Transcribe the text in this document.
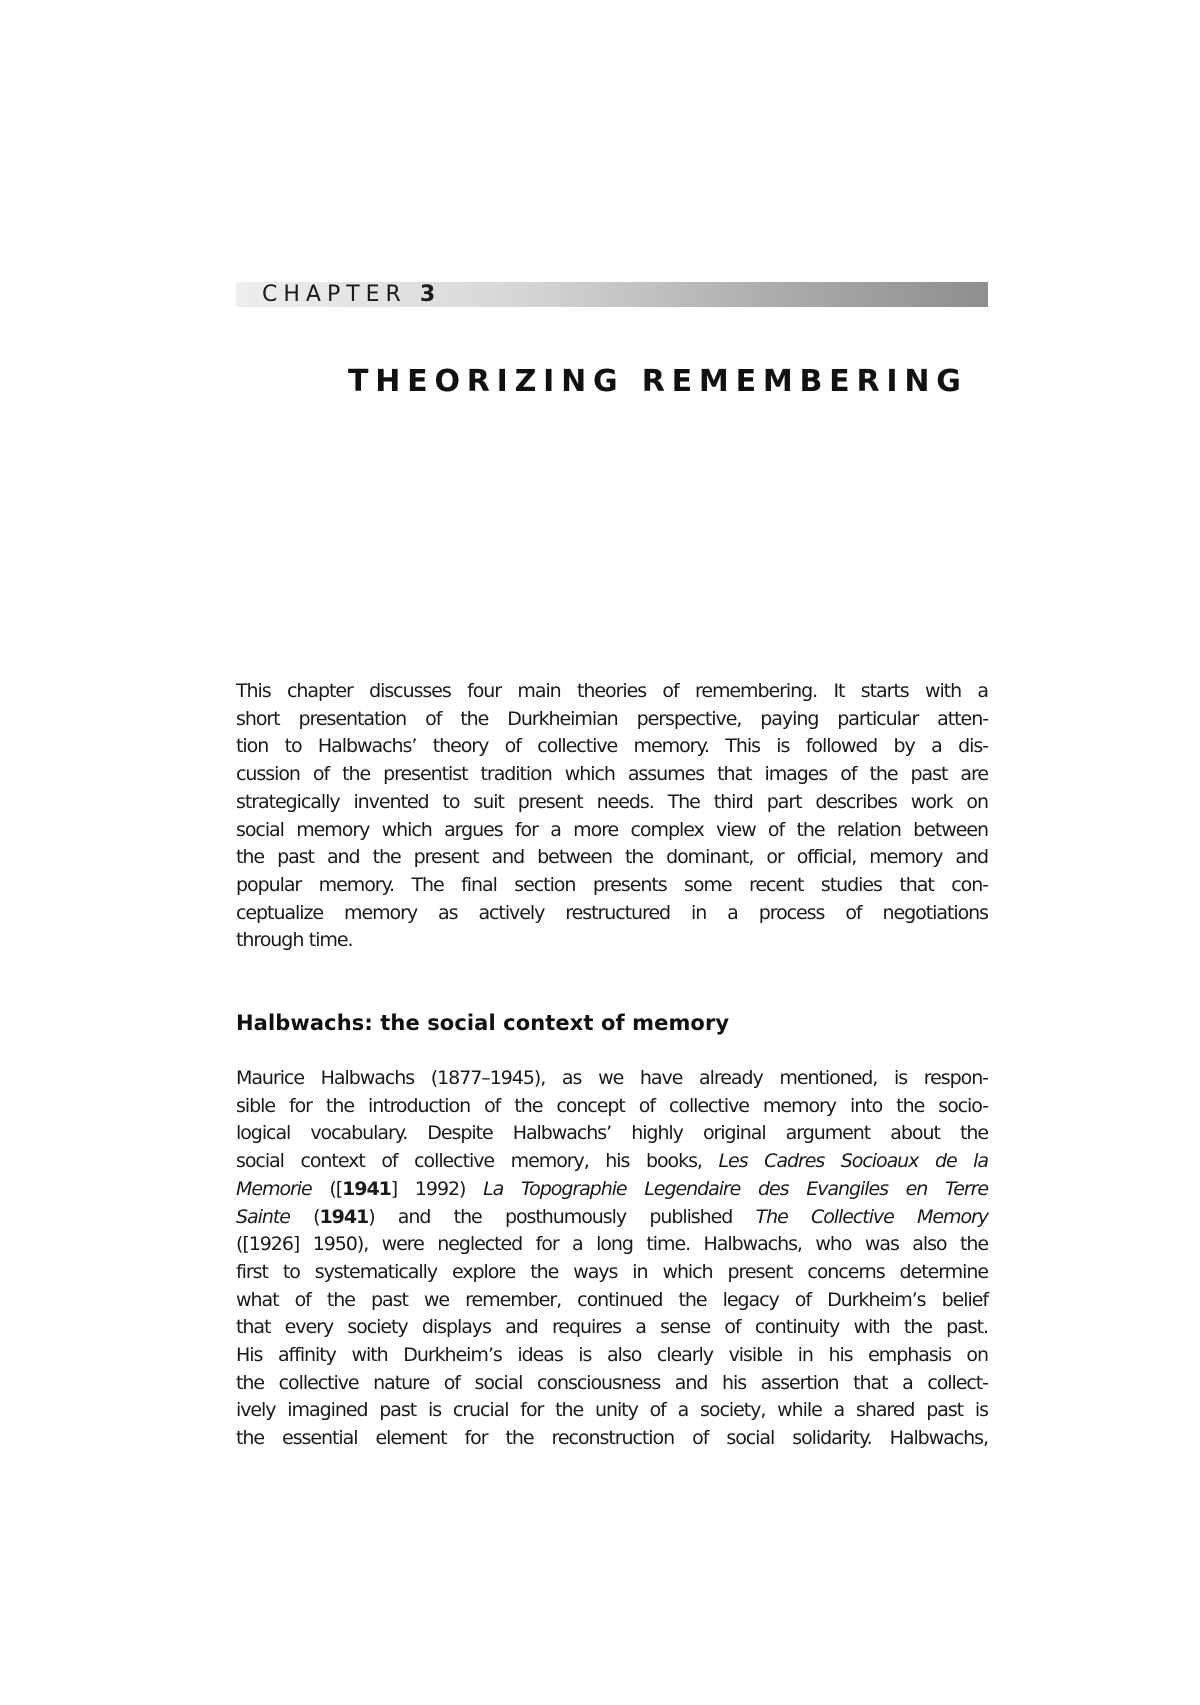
CHAPTER 3
THEORIZING REMEMBERING
This chapter discusses four main theories of remembering. It starts with a
short presentation of the Durkheimian perspective, paying particular atten-
tion to Halbwachs’ theory of collective memory. This is followed by a dis-
cussion of the presentist tradition which assumes that images of the past are
strategically invented to suit present needs. The third part describes work on
social memory which argues for a more complex view of the relation between
the past and the present and between the dominant, or official, memory and
popular memory. The final section presents some recent studies that con-
ceptualize memory as actively restructured in a process of negotiations
through time.
Halbwachs: the social context of memory
Maurice Halbwachs (1877–1945), as we have already mentioned, is respon-
sible for the introduction of the concept of collective memory into the socio-
logical vocabulary. Despite Halbwachs’ highly original argument about the
social context of collective memory, his books, Les Cadres Socioaux de la
Memorie ([1941] 1992) La Topographie Legendaire des Evangiles en Terre
Sainte (1941) and the posthumously published The Collective Memory
([1926] 1950), were neglected for a long time. Halbwachs, who was also the
first to systematically explore the ways in which present concerns determine
what of the past we remember, continued the legacy of Durkheim’s belief
that every society displays and requires a sense of continuity with the past.
His affinity with Durkheim’s ideas is also clearly visible in his emphasis on
the collective nature of social consciousness and his assertion that a collect-
ively imagined past is crucial for the unity of a society, while a shared past is
the essential element for the reconstruction of social solidarity. Halbwachs,
